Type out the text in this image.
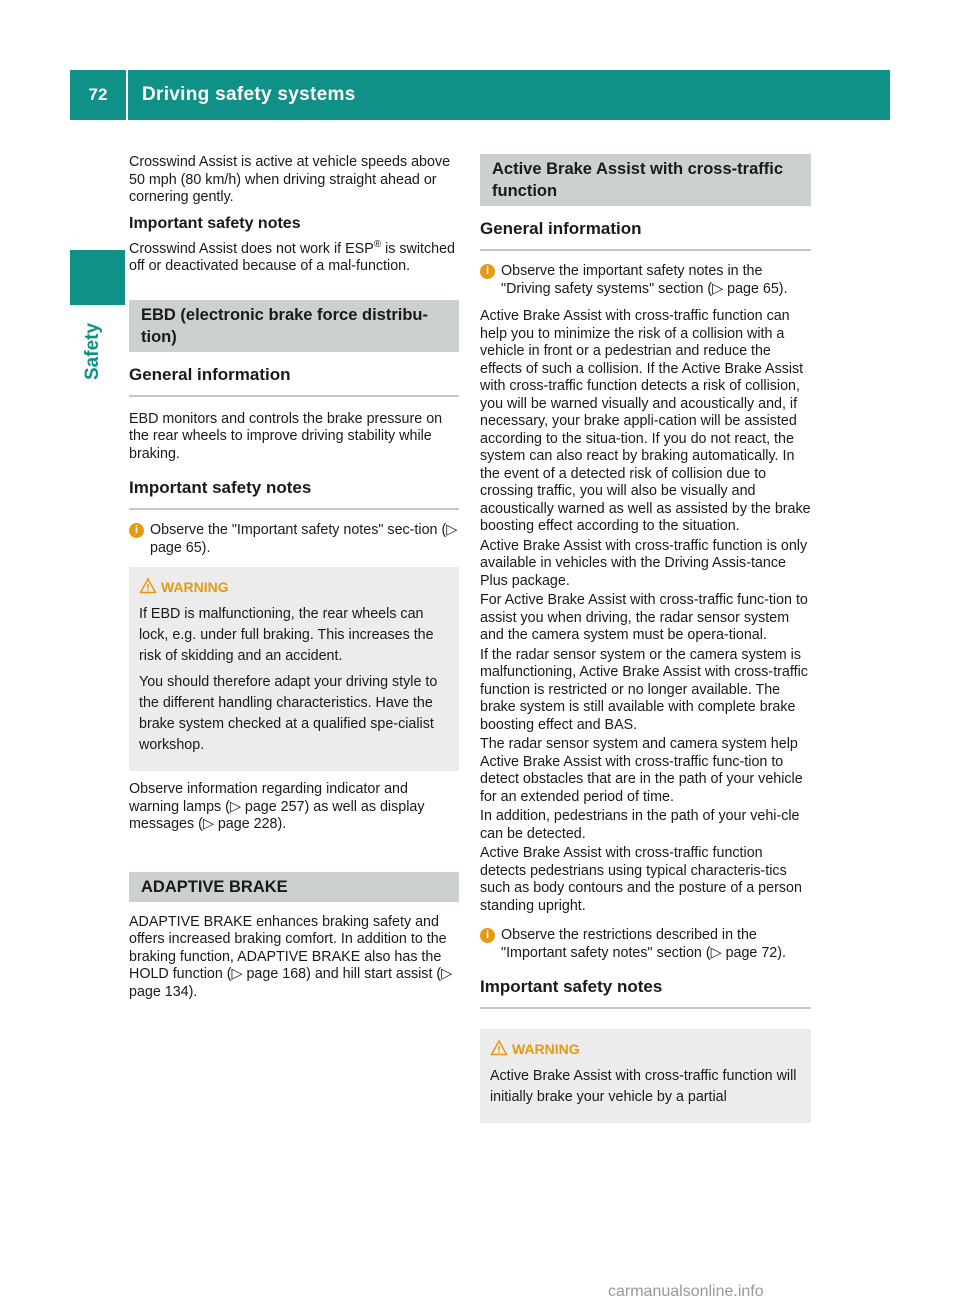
72	Driving safety systems
Safety

Crosswind Assist is active at vehicle speeds above 50 mph (80 km/h) when driving straight ahead or cornering gently.

Important safety notes

Crosswind Assist does not work if ESP® is switched off or deactivated because of a mal-function.

EBD (electronic brake force distribu-
tion)
General information

EBD monitors and controls the brake pressure on the rear wheels to improve driving stability while braking.

Important safety notes
i Observe the "Important safety notes" sec-tion (▷ page 65).
WARNING

If EBD is malfunctioning, the rear wheels can lock, e.g. under full braking. This increases the risk of skidding and an accident.

You should therefore adapt your driving style to the different handling characteristics. Have the brake system checked at a qualified spe-cialist workshop.

Observe information regarding indicator and warning lamps (▷ page 257) as well as display messages (▷ page 228).

ADAPTIVE BRAKE

ADAPTIVE BRAKE enhances braking safety and offers increased braking comfort. In addition to the braking function, ADAPTIVE BRAKE also has the HOLD function (▷ page 168) and hill start assist (▷ page 134).

Active Brake Assist with cross-traffic
function
General information
i Observe the important safety notes in the "Driving safety systems" section (▷ page 65).

Active Brake Assist with cross-traffic function can help you to minimize the risk of a collision with a vehicle in front or a pedestrian and reduce the effects of such a collision. If the Active Brake Assist with cross-traffic function detects a risk of collision, you will be warned visually and acoustically and, if necessary, your brake appli-cation will be assisted according to the situa-tion. If you do not react, the system can also react by braking automatically. In the event of a detected risk of collision due to crossing traffic, you will also be visually and acoustically warned as well as assisted by the brake boosting effect according to the situation.

Active Brake Assist with cross-traffic function is only available in vehicles with the Driving Assis-tance Plus package.

For Active Brake Assist with cross-traffic func-tion to assist you when driving, the radar sensor system and the camera system must be opera-tional.

If the radar sensor system or the camera system is malfunctioning, Active Brake Assist with cross-traffic function is restricted or no longer available. The brake system is still available with complete brake boosting effect and BAS.

The radar sensor system and camera system help Active Brake Assist with cross-traffic func-tion to detect obstacles that are in the path of your vehicle for an extended period of time.

In addition, pedestrians in the path of your vehi-cle can be detected.

Active Brake Assist with cross-traffic function detects pedestrians using typical characteris-tics such as body contours and the posture of a person standing upright.

i Observe the restrictions described in the "Important safety notes" section (▷ page 72).
Important safety notes
WARNING

Active Brake Assist with cross-traffic function will initially brake your vehicle by a partial

carmanualsonline.info
